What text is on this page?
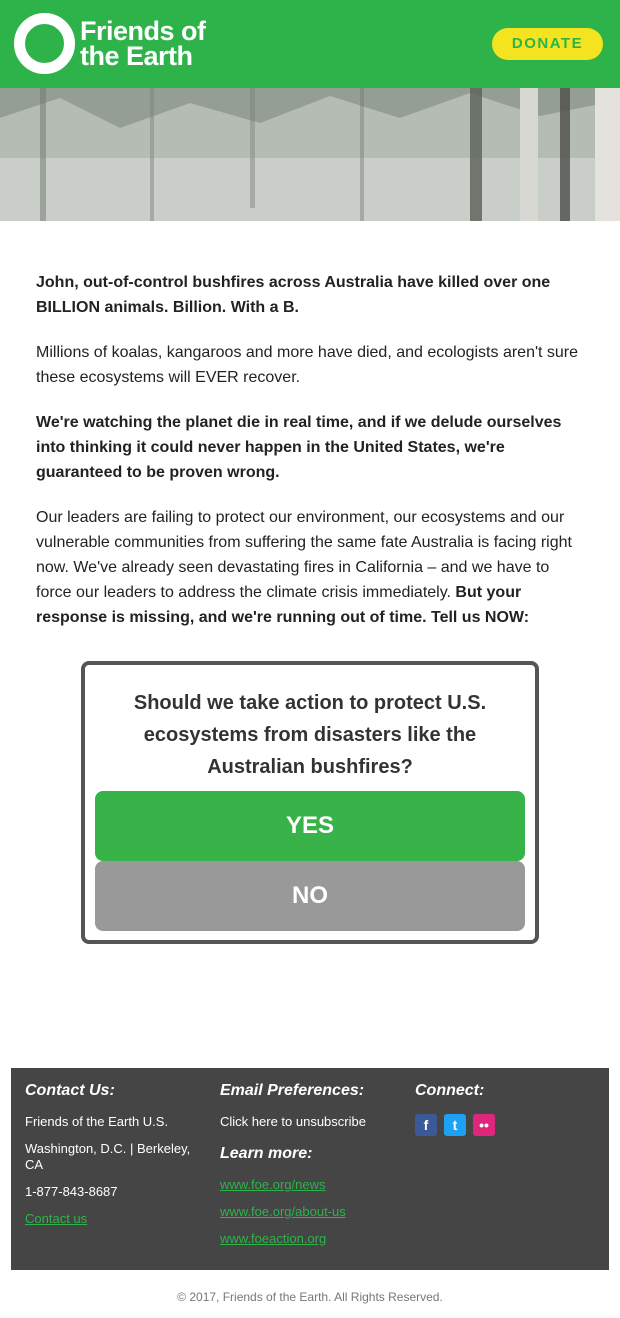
Friends of
the Earth	DONATE

John, out-of-control bushfires across Australia have killed over one BILLION animals. Billion. With a B.

Millions of koalas, kangaroos and more have died, and ecologists aren't sure these ecosystems will EVER recover.

We're watching the planet die in real time, and if we delude ourselves into thinking it could never happen in the United States, we're guaranteed to be proven wrong.

Our leaders are failing to protect our environment, our ecosystems and our vulnerable communities from suffering the same fate Australia is facing right now. We've already seen devastating fires in California – and we have to force our leaders to address the climate crisis immediately. But your response is missing, and we're running out of time. Tell us NOW:

Should we take action to protect U.S. ecosystems from disasters like the Australian bushfires?
YES
NO
Contact Us:
Friends of the Earth U.S.
Washington, D.C. | Berkeley, CA
1-877-843-8687
Contact us
Email Preferences:
Click here to unsubscribe
Learn more:
www.foe.org/news
www.foe.org/about-us
www.foeaction.org
Connect:
f	t	••
© 2017, Friends of the Earth. All Rights Reserved.
